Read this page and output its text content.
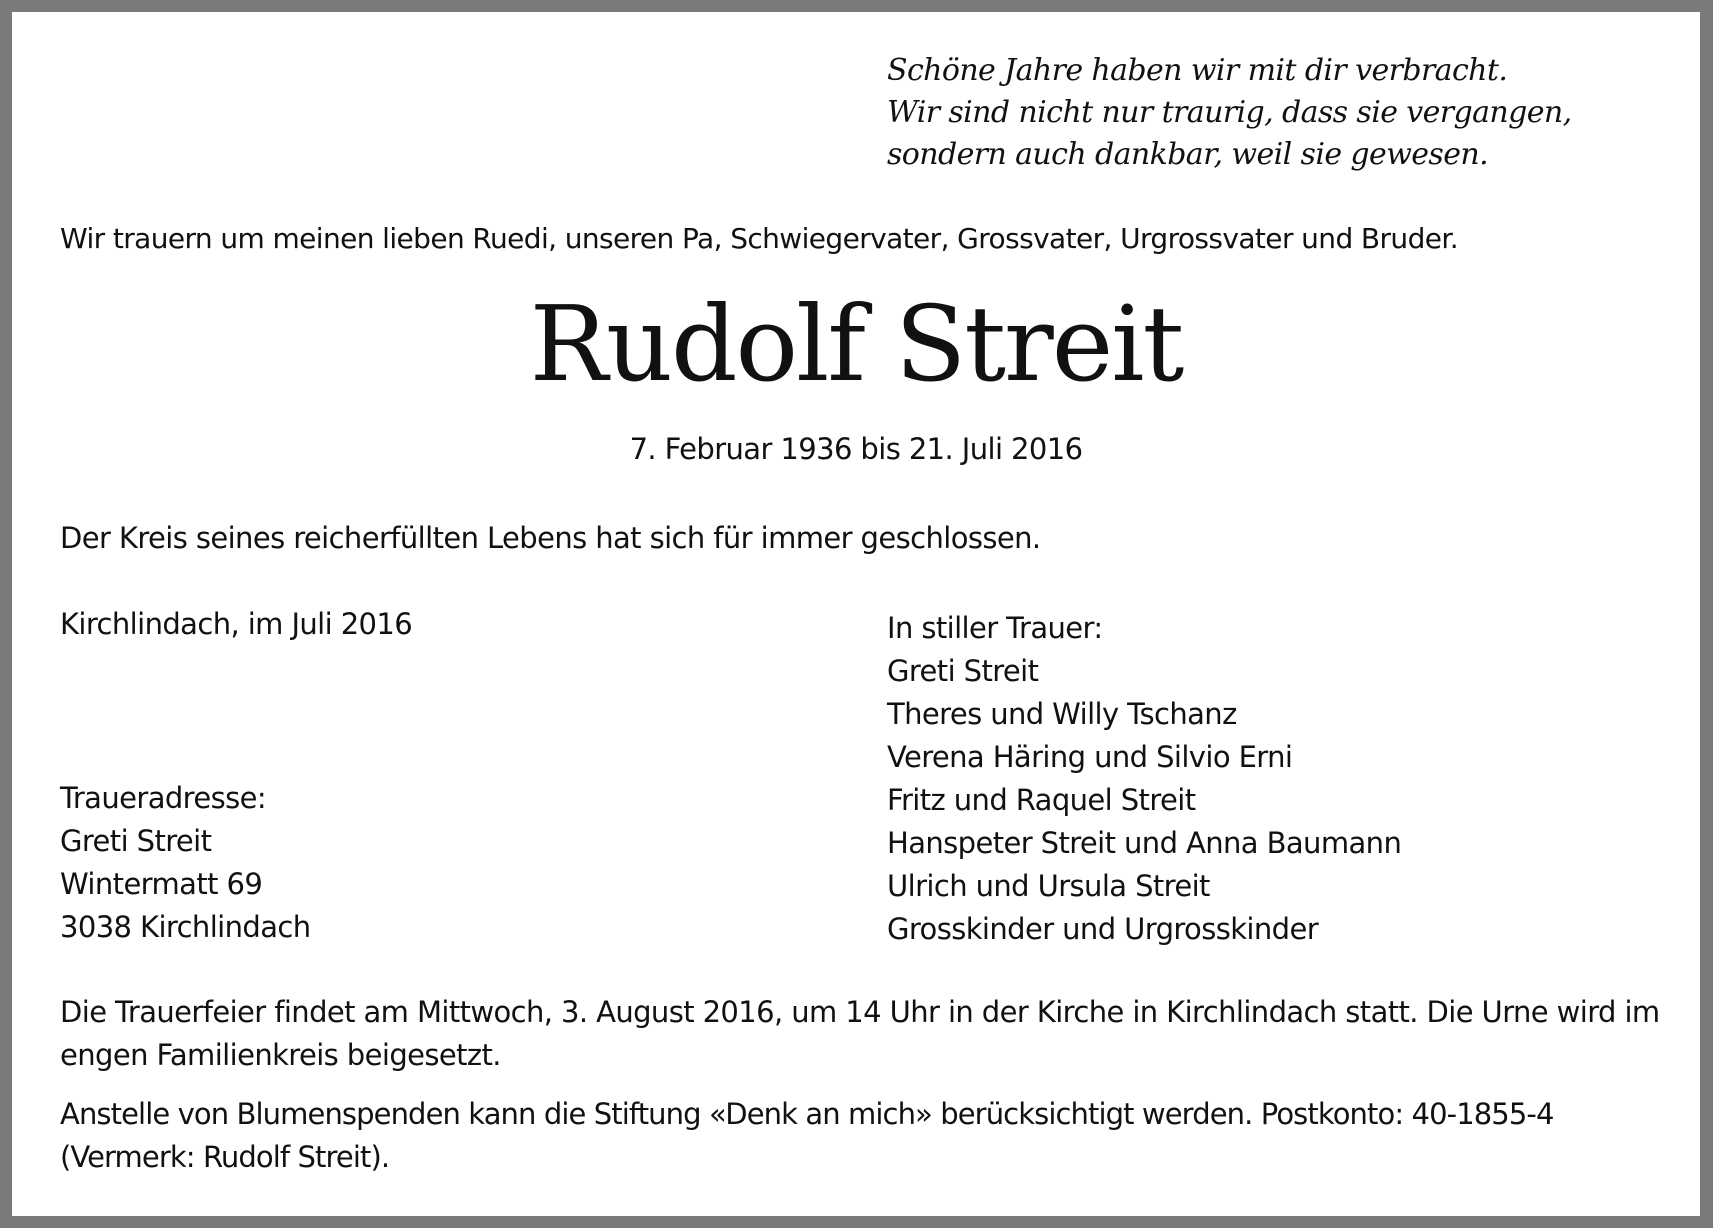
Schöne Jahre haben wir mit dir verbracht.
Wir sind nicht nur traurig, dass sie vergangen,
sondern auch dankbar, weil sie gewesen.
Wir trauern um meinen lieben Ruedi, unseren Pa, Schwiegervater, Grossvater, Urgrossvater und Bruder.
Rudolf Streit
7. Februar 1936 bis 21. Juli 2016
Der Kreis seines reicherfüllten Lebens hat sich für immer geschlossen.
Kirchlindach, im Juli 2016
Traueradresse:
Greti Streit
Wintermatt 69
3038 Kirchlindach
In stiller Trauer:
Greti Streit
Theres und Willy Tschanz
Verena Häring und Silvio Erni
Fritz und Raquel Streit
Hanspeter Streit und Anna Baumann
Ulrich und Ursula Streit
Grosskinder und Urgrosskinder
Die Trauerfeier findet am Mittwoch, 3. August 2016, um 14 Uhr in der Kirche in Kirchlindach statt. Die Urne wird im engen Familienkreis beigesetzt.
Anstelle von Blumenspenden kann die Stiftung «Denk an mich» berücksichtigt werden. Postkonto: 40-1855-4 (Vermerk: Rudolf Streit).
